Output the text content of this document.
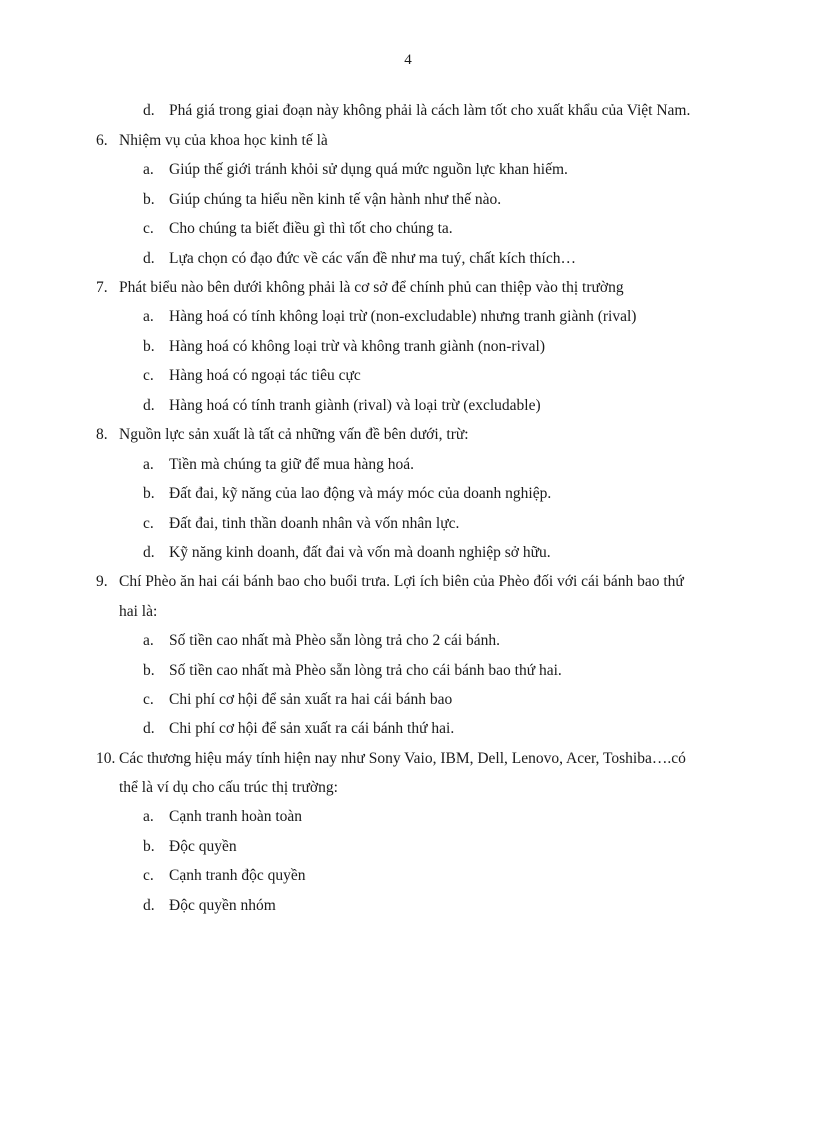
4
d. Phá giá trong giai đoạn này không phải là cách làm tốt cho xuất khẩu của Việt Nam.
6. Nhiệm vụ của khoa học kinh tế là
a. Giúp thế giới tránh khỏi sử dụng quá mức nguồn lực khan hiếm.
b. Giúp chúng ta hiểu nền kinh tế vận hành như thế nào.
c. Cho chúng ta biết điều gì thì tốt cho chúng ta.
d. Lựa chọn có đạo đức về các vấn đề như ma tuý, chất kích thích…
7. Phát biểu nào bên dưới không phải là cơ sở để chính phủ can thiệp vào thị trường
a. Hàng hoá có tính không loại trừ (non-excludable) nhưng tranh giành (rival)
b. Hàng hoá có không loại trừ và không tranh giành (non-rival)
c. Hàng hoá có ngoại tác tiêu cực
d. Hàng hoá có tính tranh giành (rival) và loại trừ (excludable)
8. Nguồn lực sản xuất là tất cả những vấn đề bên dưới, trừ:
a. Tiền mà chúng ta giữ để mua hàng hoá.
b. Đất đai, kỹ năng của lao động và máy móc của doanh nghiệp.
c. Đất đai, tinh thần doanh nhân và vốn nhân lực.
d. Kỹ năng kinh doanh, đất đai và vốn mà doanh nghiệp sở hữu.
9. Chí Phèo ăn hai cái bánh bao cho buổi trưa. Lợi ích biên của Phèo đối với cái bánh bao thứ
hai là:
a. Số tiền cao nhất mà Phèo sẵn lòng trả cho 2 cái bánh.
b. Số tiền cao nhất mà Phèo sẵn lòng trả cho cái bánh bao thứ hai.
c. Chi phí cơ hội để sản xuất ra hai cái bánh bao
d. Chi phí cơ hội để sản xuất ra cái bánh thứ hai.
10. Các thương hiệu máy tính hiện nay như Sony Vaio, IBM, Dell, Lenovo, Acer, Toshiba….có
thể là ví dụ cho cấu trúc thị trường:
a. Cạnh tranh hoàn toàn
b. Độc quyền
c. Cạnh tranh độc quyền
d. Độc quyền nhóm
